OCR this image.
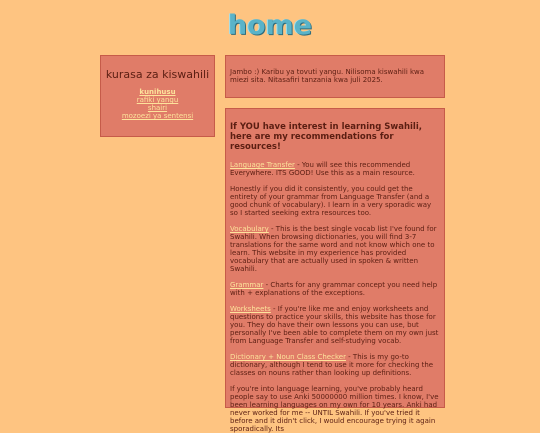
home
kurasa za kiswahili
kunihusu
rafiki yangu
shairi
mozoezi ya sentensi

Jambo :) Karibu ya tovuti yangu. Nilisoma kiswahili kwa miezi sita. Nitasafiri tanzania kwa juli 2025.

If YOU have interest in learning Swahili, here are my recommendations for resources!

Language Transfer - You will see this recommended Everywhere. ITS GOOD! Use this as a main resource.

Honestly if you did it consistently, you could get the entirety of your grammar from Language Transfer (and a good chunk of vocabulary). I learn in a very sporadic way so I started seeking extra resources too.

Vocabulary - This is the best single vocab list I've found for Swahili. When browsing dictionaries, you will find 3-7 translations for the same word and not know which one to learn. This website in my experience has provided vocabulary that are actually used in spoken & written Swahili.

Grammar - Charts for any grammar concept you need help with + explanations of the exceptions.

Worksheets - If you're like me and enjoy worksheets and questions to practice your skills, this website has those for you. They do have their own lessons you can use, but personally I've been able to complete them on my own just from Language Transfer and self-studying vocab.

Dictionary + Noun Class Checker - This is my go-to dictionary, although I tend to use it more for checking the classes on nouns rather than looking up definitions.

If you're into language learning, you've probably heard people say to use Anki 50000000 million times. I know, I've been learning languages on my own for 10 years. Anki had never worked for me -- UNTIL Swahili. If you've tried it before and it didn't click, I would encourage trying it again sporadically. Its
